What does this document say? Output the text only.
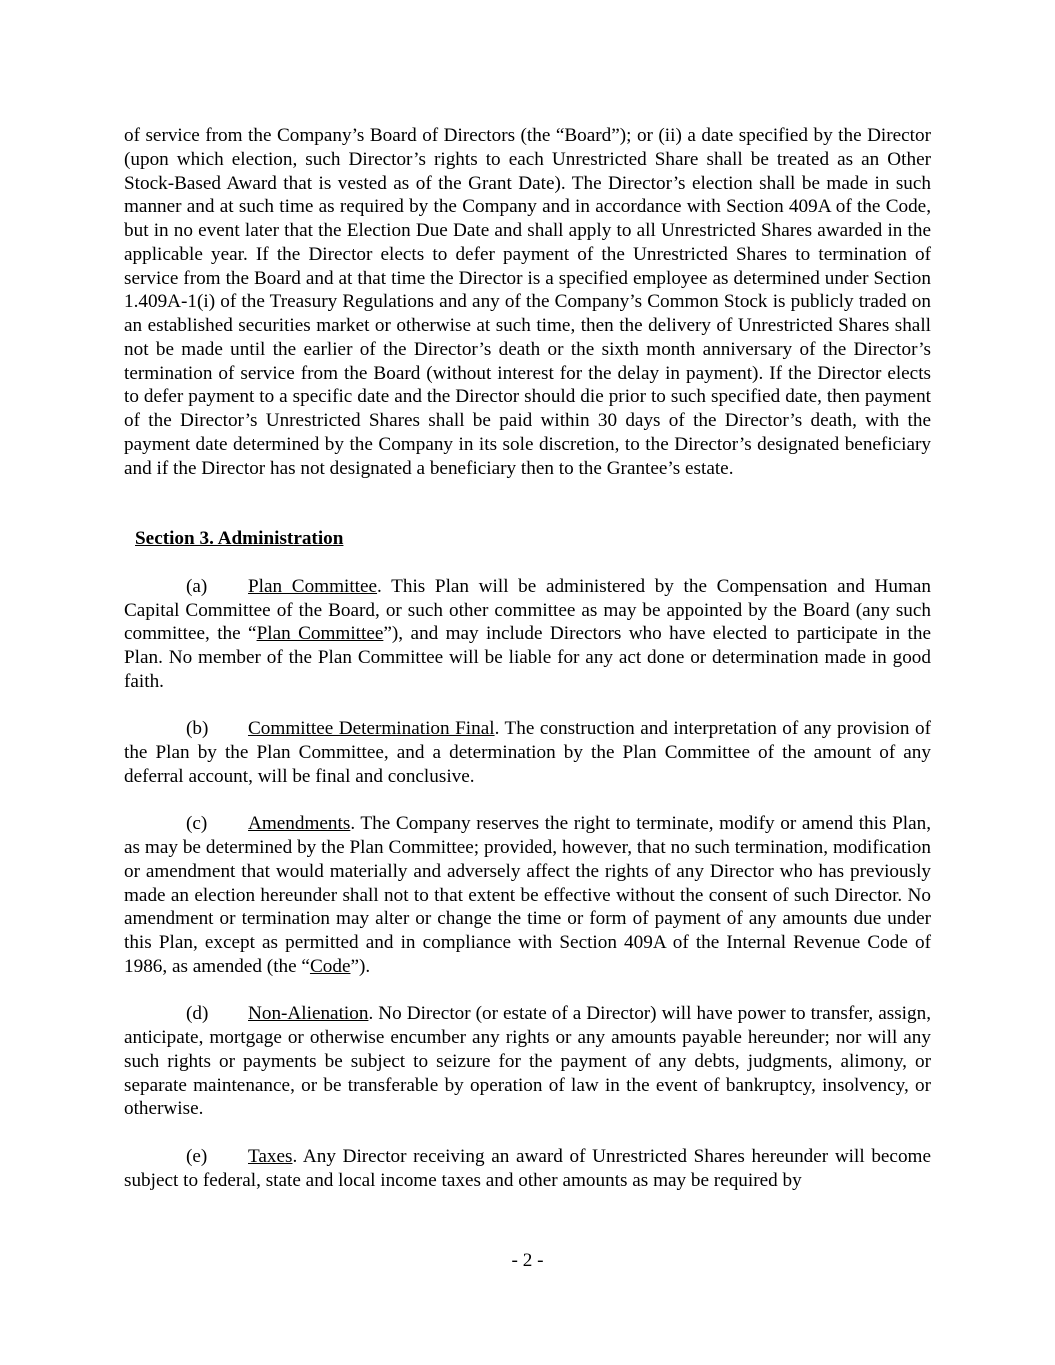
of service from the Company’s Board of Directors (the “Board”); or (ii) a date specified by the Director (upon which election, such Director’s rights to each Unrestricted Share shall be treated as an Other Stock-Based Award that is vested as of the Grant Date). The Director’s election shall be made in such manner and at such time as required by the Company and in accordance with Section 409A of the Code, but in no event later that the Election Due Date and shall apply to all Unrestricted Shares awarded in the applicable year. If the Director elects to defer payment of the Unrestricted Shares to termination of service from the Board and at that time the Director is a specified employee as determined under Section 1.409A-1(i) of the Treasury Regulations and any of the Company’s Common Stock is publicly traded on an established securities market or otherwise at such time, then the delivery of Unrestricted Shares shall not be made until the earlier of the Director’s death or the sixth month anniversary of the Director’s termination of service from the Board (without interest for the delay in payment). If the Director elects to defer payment to a specific date and the Director should die prior to such specified date, then payment of the Director’s Unrestricted Shares shall be paid within 30 days of the Director’s death, with the payment date determined by the Company in its sole discretion, to the Director’s designated beneficiary and if the Director has not designated a beneficiary then to the Grantee’s estate.

Section 3. Administration

(a) Plan Committee. This Plan will be administered by the Compensation and Human Capital Committee of the Board, or such other committee as may be appointed by the Board (any such committee, the “Plan Committee”), and may include Directors who have elected to participate in the Plan. No member of the Plan Committee will be liable for any act done or determination made in good faith.

(b) Committee Determination Final. The construction and interpretation of any provision of the Plan by the Plan Committee, and a determination by the Plan Committee of the amount of any deferral account, will be final and conclusive.

(c) Amendments. The Company reserves the right to terminate, modify or amend this Plan, as may be determined by the Plan Committee; provided, however, that no such termination, modification or amendment that would materially and adversely affect the rights of any Director who has previously made an election hereunder shall not to that extent be effective without the consent of such Director. No amendment or termination may alter or change the time or form of payment of any amounts due under this Plan, except as permitted and in compliance with Section 409A of the Internal Revenue Code of 1986, as amended (the “Code”).

(d) Non-Alienation. No Director (or estate of a Director) will have power to transfer, assign, anticipate, mortgage or otherwise encumber any rights or any amounts payable hereunder; nor will any such rights or payments be subject to seizure for the payment of any debts, judgments, alimony, or separate maintenance, or be transferable by operation of law in the event of bankruptcy, insolvency, or otherwise.

(e) Taxes. Any Director receiving an award of Unrestricted Shares hereunder will become subject to federal, state and local income taxes and other amounts as may be required by

- 2 -
